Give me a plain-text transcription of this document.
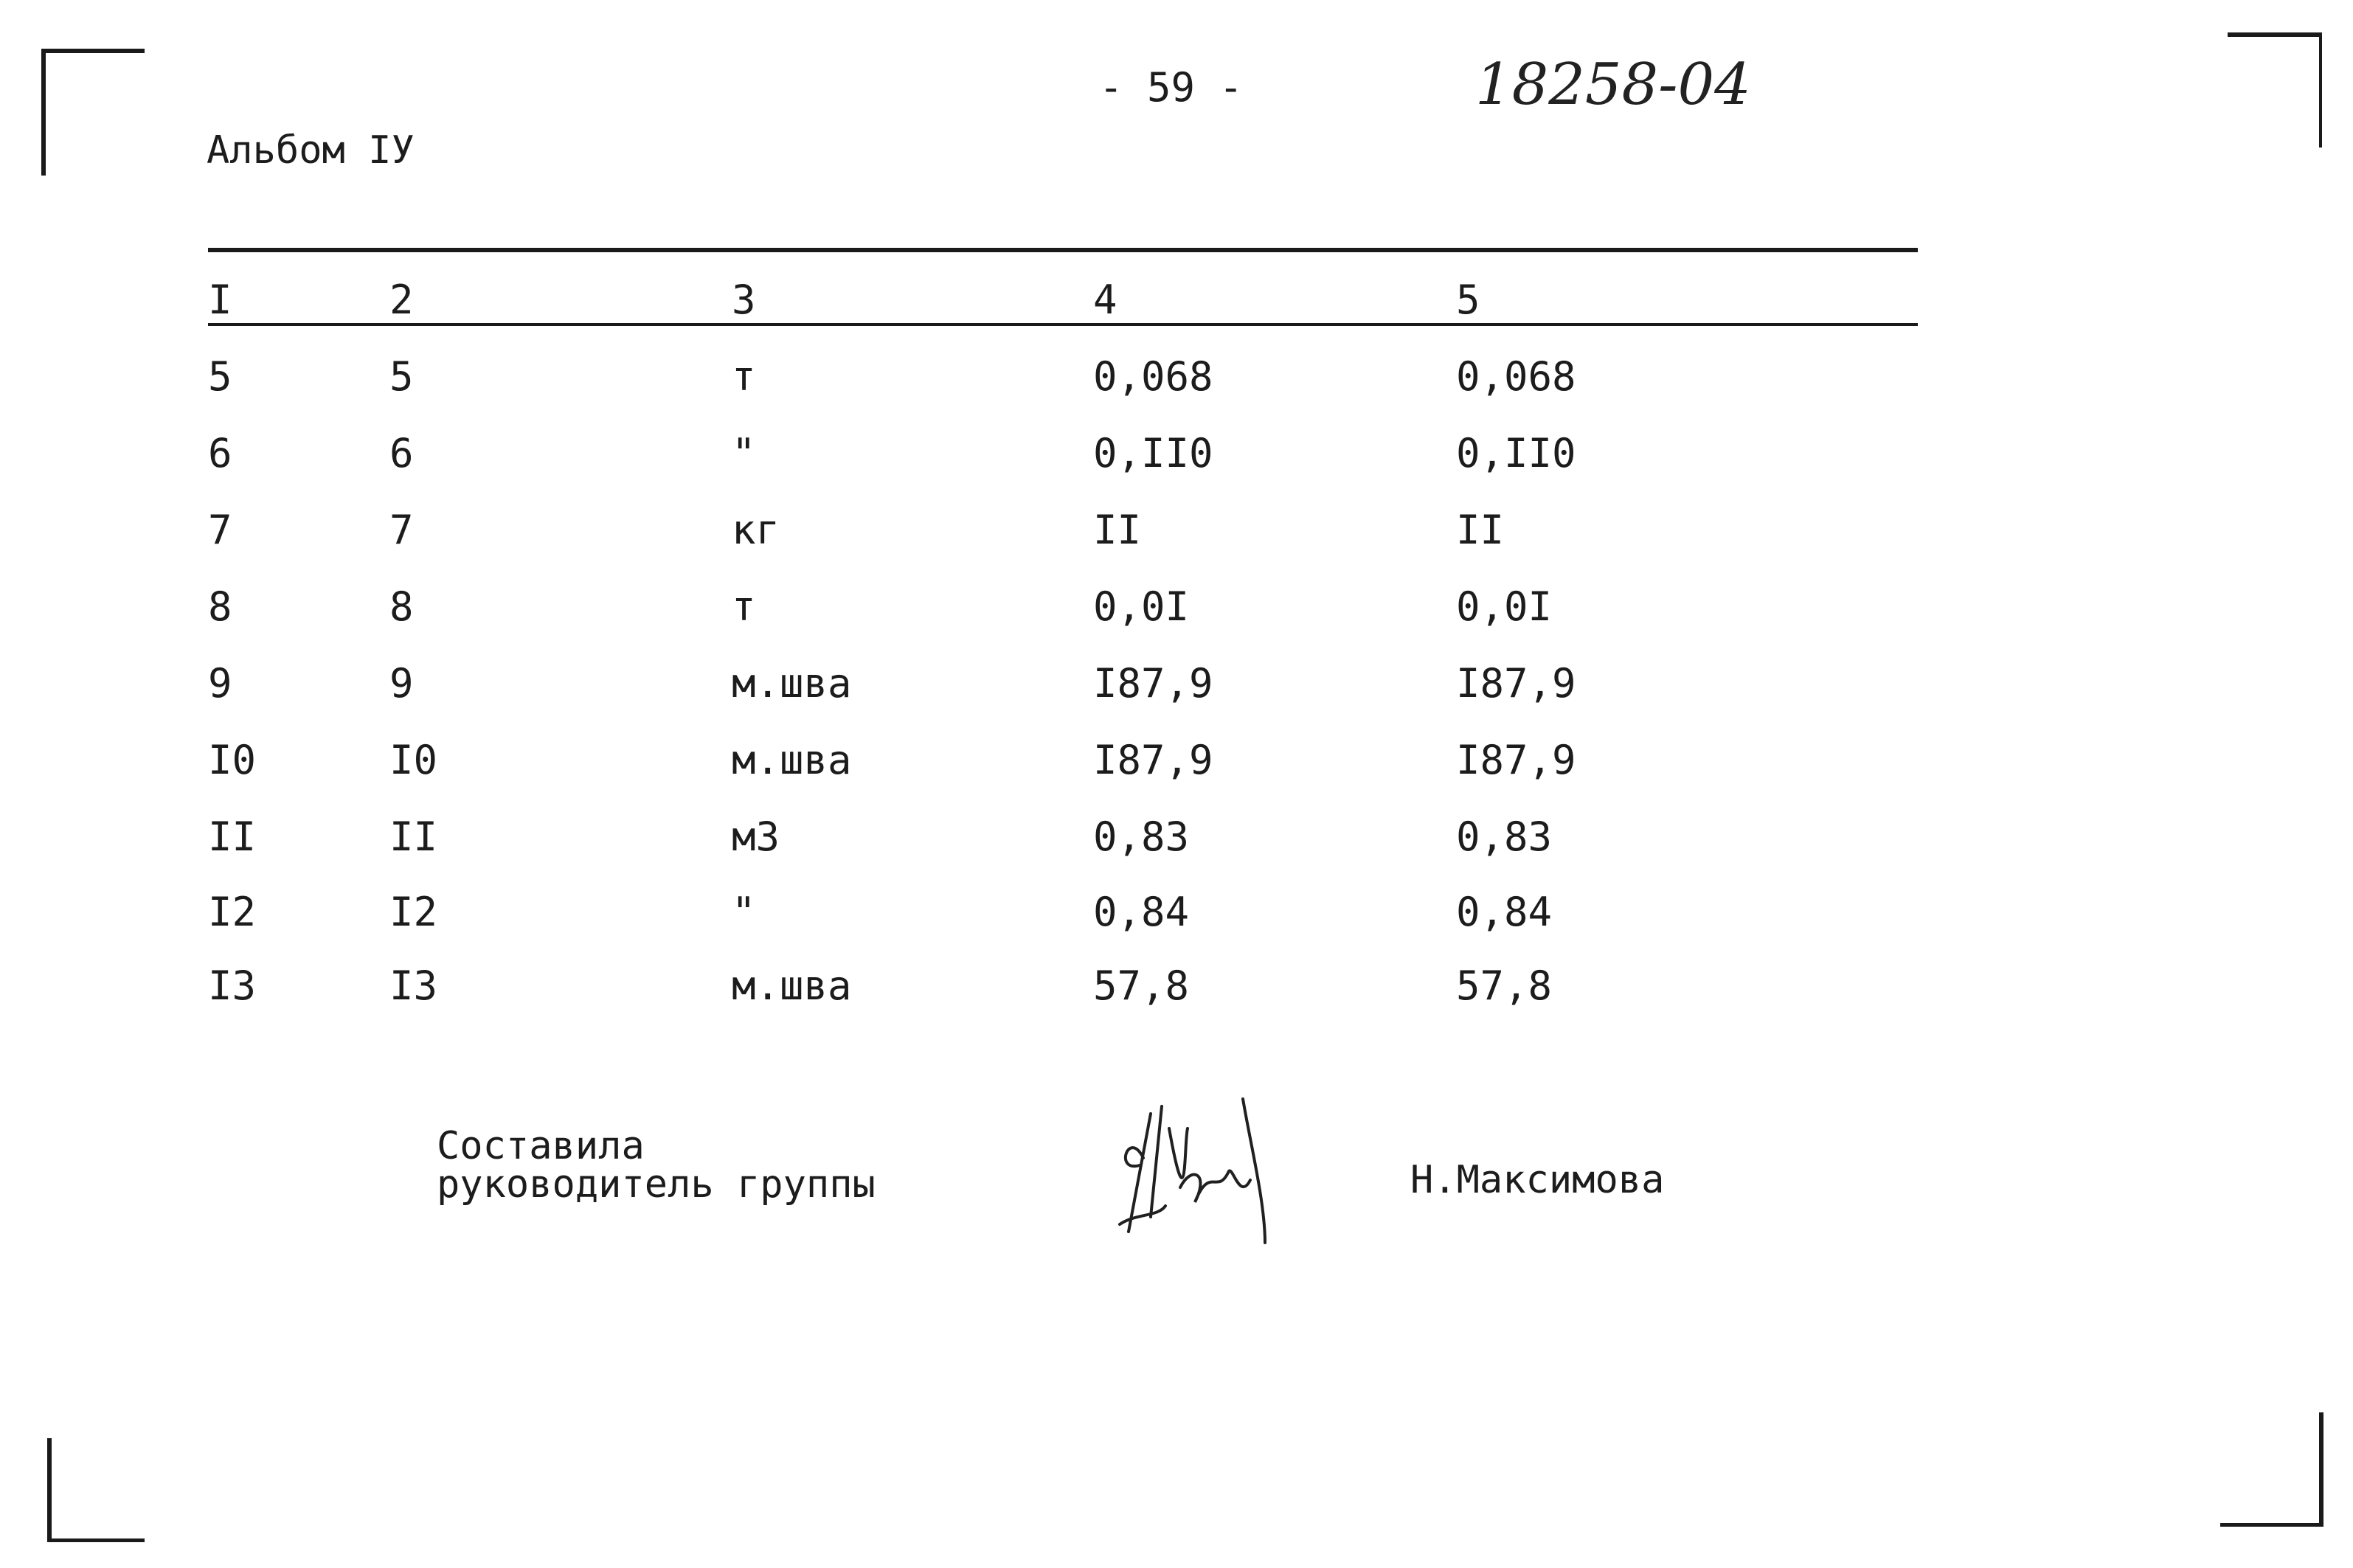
Альбом IУ
- 59 -	18258-04
I	2	3	4	5
5	5	т	0,068	0,068
6	6	"	0,II0	0,II0
7	7	кг	II	II
8	8	т	0,0I	0,0I
9	9	м.шва	I87,9	I87,9
I0	I0	м.шва	I87,9	I87,9
II	II	м3	0,83	0,83
I2	I2	"	0,84	0,84
I3	I3	м.шва	57,8	57,8
Составила
руководитель группы	Н.Максимова
